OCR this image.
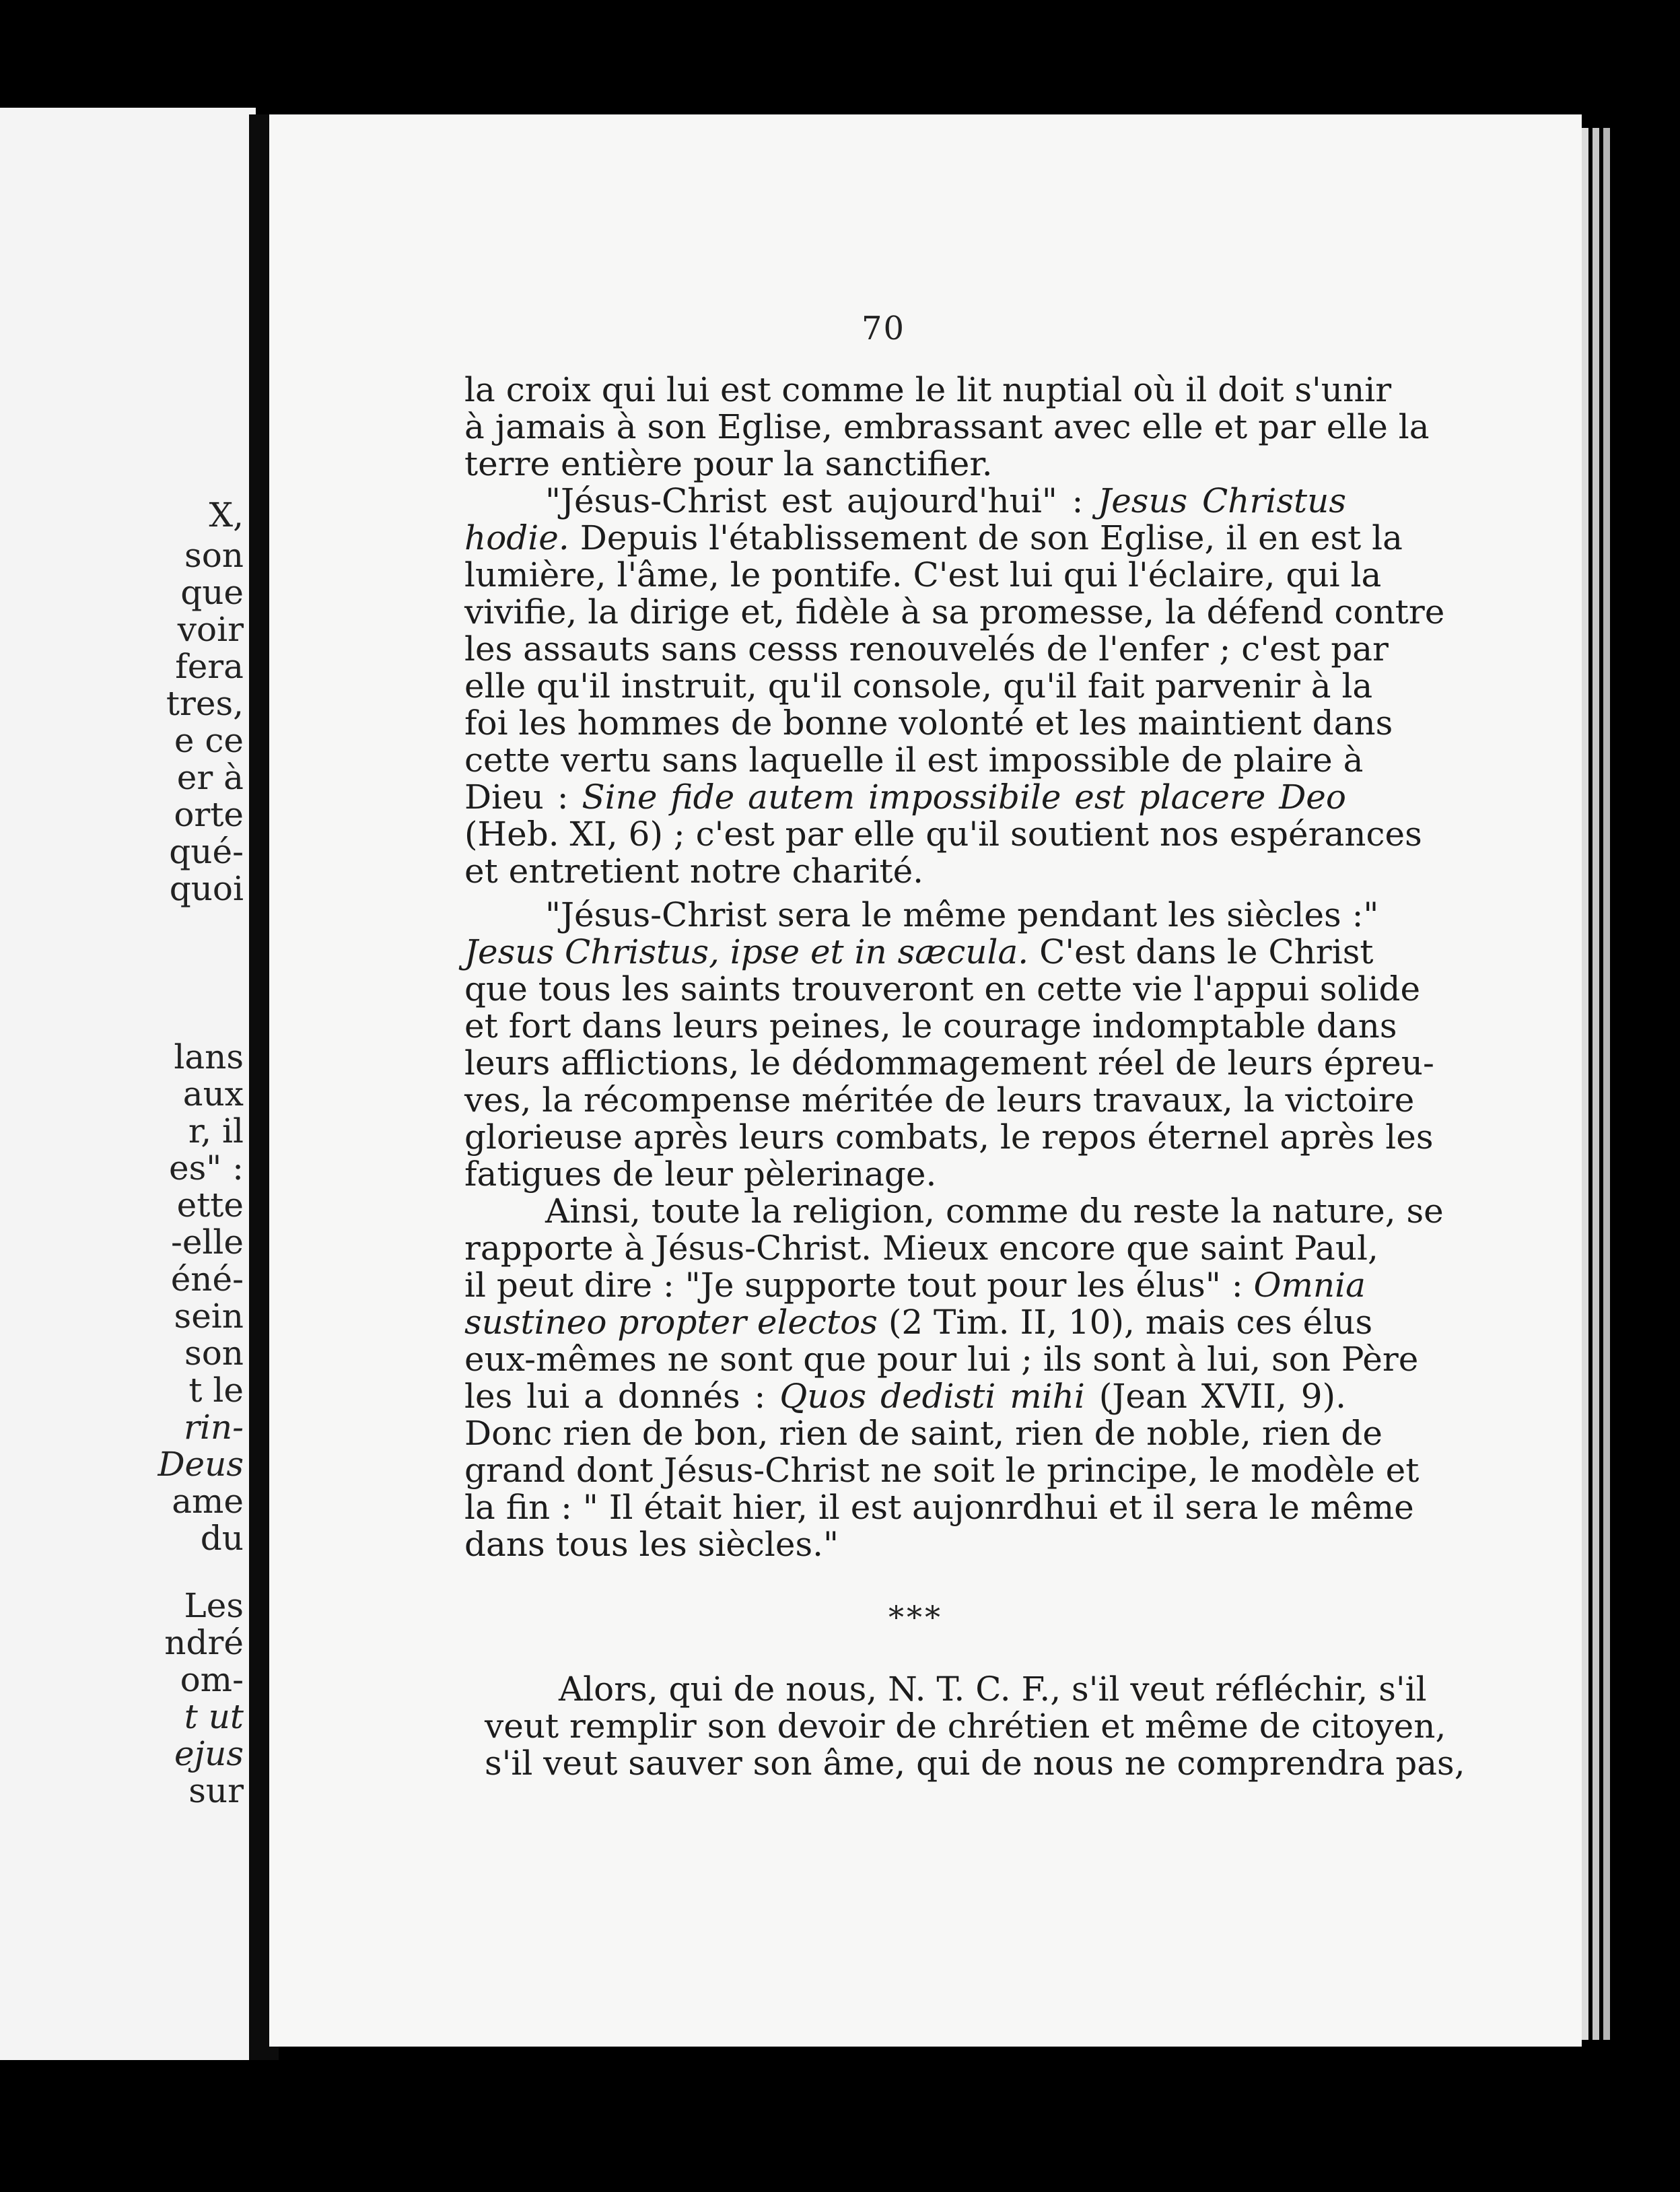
X,
son
que
voir
fera
tres,
e ce
er à
orte
qué-
quoi
lans
aux
r, il
es" :
ette
-elle
éné-
sein
son
t le
rin-
Deus
ame
du
Les
ndré
om-
t ut
ejus
sur
70
la croix qui lui est comme le lit nuptial où il doit s'unir
à jamais à son Eglise, embrassant avec elle et par elle la
terre entière pour la sanctifier.
"Jésus-Christ est aujourd'hui" : Jesus Christus
hodie. Depuis l'établissement de son Eglise, il en est la
lumière, l'âme, le pontife. C'est lui qui l'éclaire, qui la
vivifie, la dirige et, fidèle à sa promesse, la défend contre
les assauts sans cesss renouvelés de l'enfer ; c'est par
elle qu'il instruit, qu'il console, qu'il fait parvenir à la
foi les hommes de bonne volonté et les maintient dans
cette vertu sans laquelle il est impossible de plaire à
Dieu : Sine fide autem impossibile est placere Deo
(Heb. XI, 6) ; c'est par elle qu'il soutient nos espérances
et entretient notre charité.
"Jésus-Christ sera le même pendant les siècles :"
Jesus Christus, ipse et in sæcula. C'est dans le Christ
que tous les saints trouveront en cette vie l'appui solide
et fort dans leurs peines, le courage indomptable dans
leurs afflictions, le dédommagement réel de leurs épreu-
ves, la récompense méritée de leurs travaux, la victoire
glorieuse après leurs combats, le repos éternel après les
fatigues de leur pèlerinage.
Ainsi, toute la religion, comme du reste la nature, se
rapporte à Jésus-Christ. Mieux encore que saint Paul,
il peut dire : "Je supporte tout pour les élus" : Omnia
sustineo propter electos (2 Tim. II, 10), mais ces élus
eux-mêmes ne sont que pour lui ; ils sont à lui, son Père
les lui a donnés : Quos dedisti mihi (Jean XVII, 9).
Donc rien de bon, rien de saint, rien de noble, rien de
grand dont Jésus-Christ ne soit le principe, le modèle et
la fin : " Il était hier, il est aujonrdhui et il sera le même
dans tous les siècles."
Alors, qui de nous, N. T. C. F., s'il veut réfléchir, s'il
veut remplir son devoir de chrétien et même de citoyen,
s'il veut sauver son âme, qui de nous ne comprendra pas,
***
